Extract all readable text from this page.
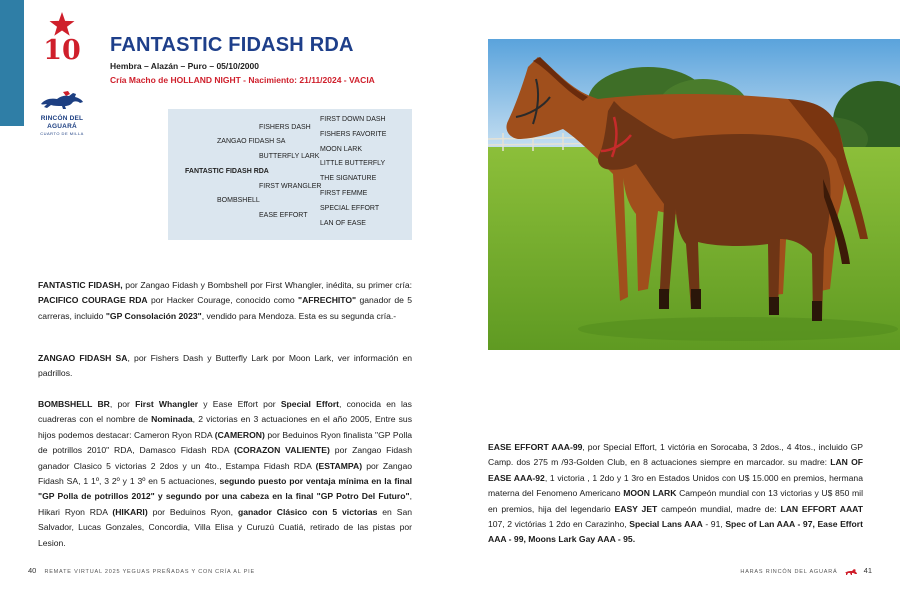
10
RINCÓN DEL AGUARÁ
CUARTO DE MILLA
FANTASTIC FIDASH RDA
Hembra – Alazán – Puro – 05/10/2000
Cría Macho de HOLLAND NIGHT - Nacimiento: 21/11/2024 - VACIA
FISHERS DASH
ZANGAO FIDASH SA
BUTTERFLY LARK
FANTASTIC FIDASH RDA
FIRST WRANGLER
BOMBSHELL
EASE EFFORT
FIRST DOWN DASH
FISHERS FAVORITE
MOON LARK
LITTLE BUTTERFLY
THE SIGNATURE
FIRST FEMME
SPECIAL EFFORT
LAN OF EASE
FANTASTIC FIDASH, por Zangao Fidash y Bombshell por First Whangler, inédita, su primer cría: PACIFICO COURAGE RDA por Hacker Courage, conocido como "AFRECHITO" ganador de 5 carreras, incluido "GP Consolación 2023", vendido para Mendoza. Esta es su segunda cría.-
ZANGAO FIDASH SA, por Fishers Dash y Butterfly Lark por Moon Lark, ver información en padrillos.
BOMBSHELL BR, por First Whangler y Ease Effort por Special Effort, conocida en las cuadreras con el nombre de Nominada, 2 victorias en 3 actuaciones en el año 2005, Entre sus hijos podemos destacar: Cameron Ryon RDA (CAMERON) por Beduinos Ryon finalista "GP Polla de potrillos 2010" RDA, Damasco Fidash RDA (CORAZON VALIENTE) por Zangao Fidash ganador Clasico 5 victorias 2 2dos y un 4to., Estampa Fidash RDA (ESTAMPA) por Zangao Fidash SA, 1 1º, 3 2º y 1 3º en 5 actuaciones, segundo puesto por ventaja mínima en la final "GP Polla de potrillos 2012" y segundo por una cabeza en la final "GP Potro Del Futuro", Hikari Ryon RDA (HIKARI) por Beduinos Ryon, ganador Clásico con 5 victorias en San Salvador, Lucas Gonzales, Concordia, Villa Elisa y Curuzú Cuatiá, retirado de las pistas por Lesion.
EASE EFFORT AAA-99, por Special Effort, 1 victória en Sorocaba, 3 2dos., 4 4tos., incluido GP Camp. dos 275 m /93-Golden Club, en 8 actuaciones siempre en marcador. su madre: LAN OF EASE AAA-92, 1 victoria , 1 2do y 1 3ro en Estados Unidos con U$ 15.000 en premios, hermana materna del Fenomeno Americano MOON LARK Campeón mundial con 13 victorias y U$ 850 mil en premios, hija del legendario EASY JET campeón mundial, madre de: LAN EFFORT AAAT 107, 2 victórias 1 2do en Carazinho, Special Lans AAA - 91, Spec of Lan AAA - 97, Ease Effort AAA - 99, Moons Lark Gay AAA - 95.
40 REMATE VIRTUAL 2025 YEGUAS PREÑADAS Y CON CRÍA AL PIE	HARAS RINCÓN DEL AGUARÁ	41
